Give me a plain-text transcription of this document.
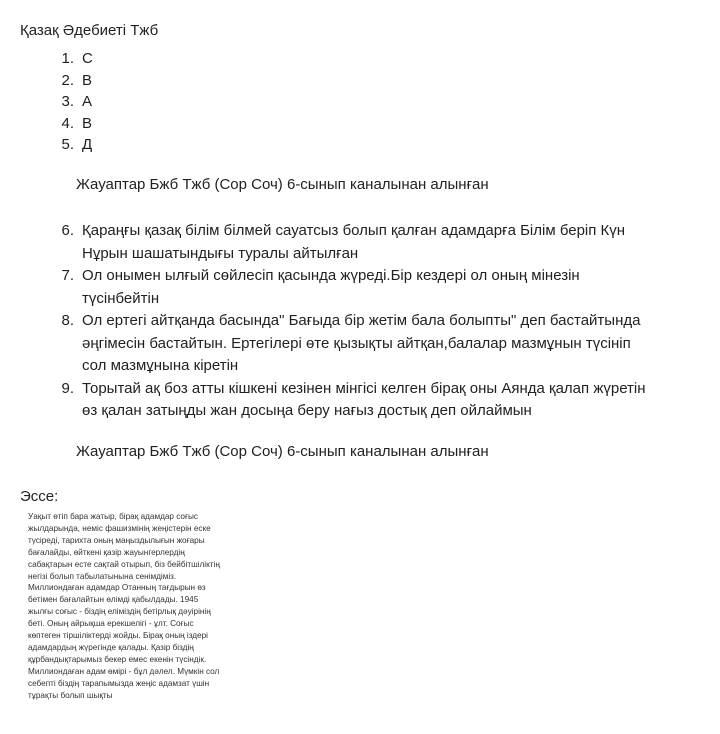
Қазақ Әдебиеті Тжб
1. С
2. В
3. А
4. В
5. Д
Жауаптар Бжб Тжб (Сор Соч) 6-сынып каналынан алынған
6. Қараңғы қазақ білім білмей сауатсыз болып қалған адамдарға Білім беріп Күн
Нұрын шашатындығы туралы айтылған
7. Ол онымен ылғый сөйлесіп қасында жүреді.Бір кездері ол оның мінезін
түсінбейтін
8. Ол ертегі айтқанда басында" Бағыда бір жетім бала болыпты" деп бастайтында
әңгімесін бастайтын. Ертегілері өте қызықты айтқан,балалар мазмұнын түсініп
сол мазмұнына кіретін
9. Торытай ақ боз атты кішкені кезінен мінгісі келген бірақ оны Аянда қалап жүретін
өз қалан затыңды жан досыңа беру нағыз достық деп ойлаймын
Жауаптар Бжб Тжб (Сор Соч) 6-сынып каналынан алынған
Эссе:
Уақыт өтіп бара жатыр, бірақ адамдар соғыс
жылдарында, неміс фашизмінің жеңістерін еске
түсіреді, тарихта оның маңыздылығын жоғары
бағалайды, өйткені қазір жауынгерлердің
сабақтарын есте сақтай отырып, біз бейбітшіліктің
негізі болып табылатынына сенімдіміз.
Миллиондаған адамдар Отанның тағдырын өз
бетімен бағалайтын өлімді қабылдады. 1945
жылғы соғыс - біздің еліміздің бетірлық дәуірінің
беті. Оның айрықша ерекшелігі - ұлт. Соғыс
көптеген тіршіліктерді жойды. Бірақ оның іздері
адамдардың жүрегінде қалады. Қазір біздің
құрбандықтарымыз бекер емес екенін түсіндік.
Миллиондаған адам өмірі - бұл дәлел. Мүмкін сол
себепті біздің тарапымызда жеңіс адамзат үшін
тұрақты болып шықты
